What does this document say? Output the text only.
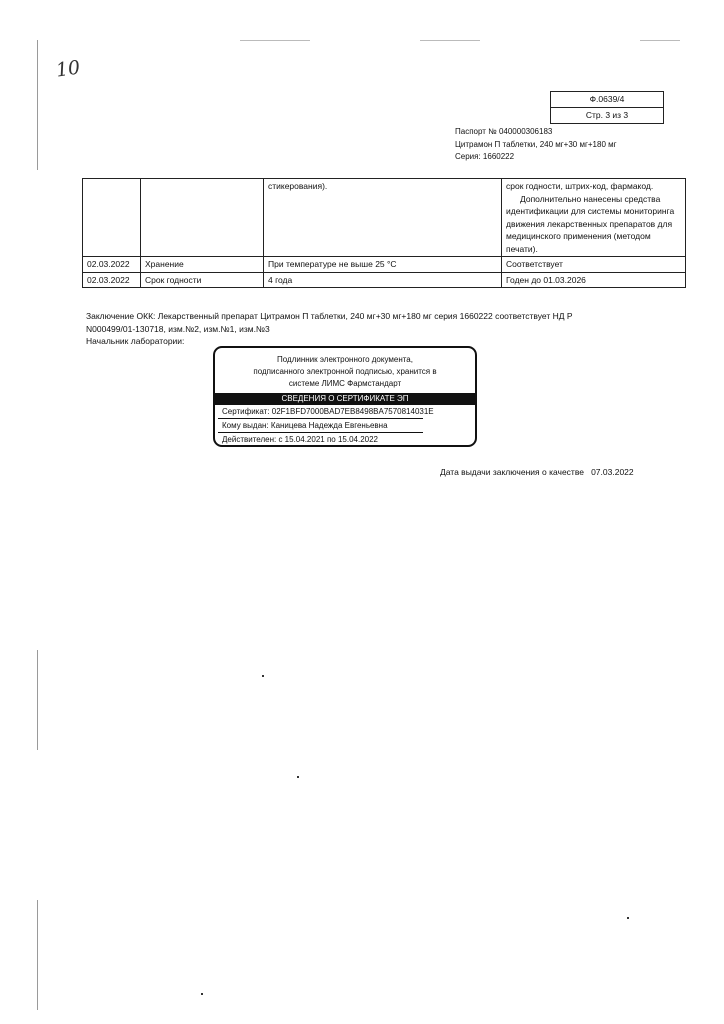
10
Ф.0639/4
Стр. 3 из 3
Паспорт № 040000306183
Цитрамон П таблетки, 240 мг+30 мг+180 мг
Серия: 1660222
		стикерования).	срок годности, штрих-код, фармакод.
Дополнительно нанесены средства идентификации для системы мониторинга движения лекарственных препаратов для медицинского применения (методом печати).

02.03.2022	Хранение	При температуре не выше 25 °С	Соответствует
02.03.2022	Срок годности	4 года	Годен до 01.03.2026
Заключение ОКК: Лекарственный препарат Цитрамон П таблетки, 240 мг+30 мг+180 мг серия 1660222 соответствует НД Р N000499/01-130718, изм.№2, изм.№1, изм.№3
Начальник лаборатории:
Подлинник электронного документа,
подписанного электронной подписью, хранится в
системе ЛИМС Фармстандарт
СВЕДЕНИЯ О СЕРТИФИКАТЕ ЭП
Сертификат: 02F1BFD7000BAD7EB8498BA7570814031E
Кому выдан: Каницева Надежда Евгеньевна
Действителен: с 15.04.2021 по 15.04.2022
Дата выдачи заключения о качестве 07.03.2022
